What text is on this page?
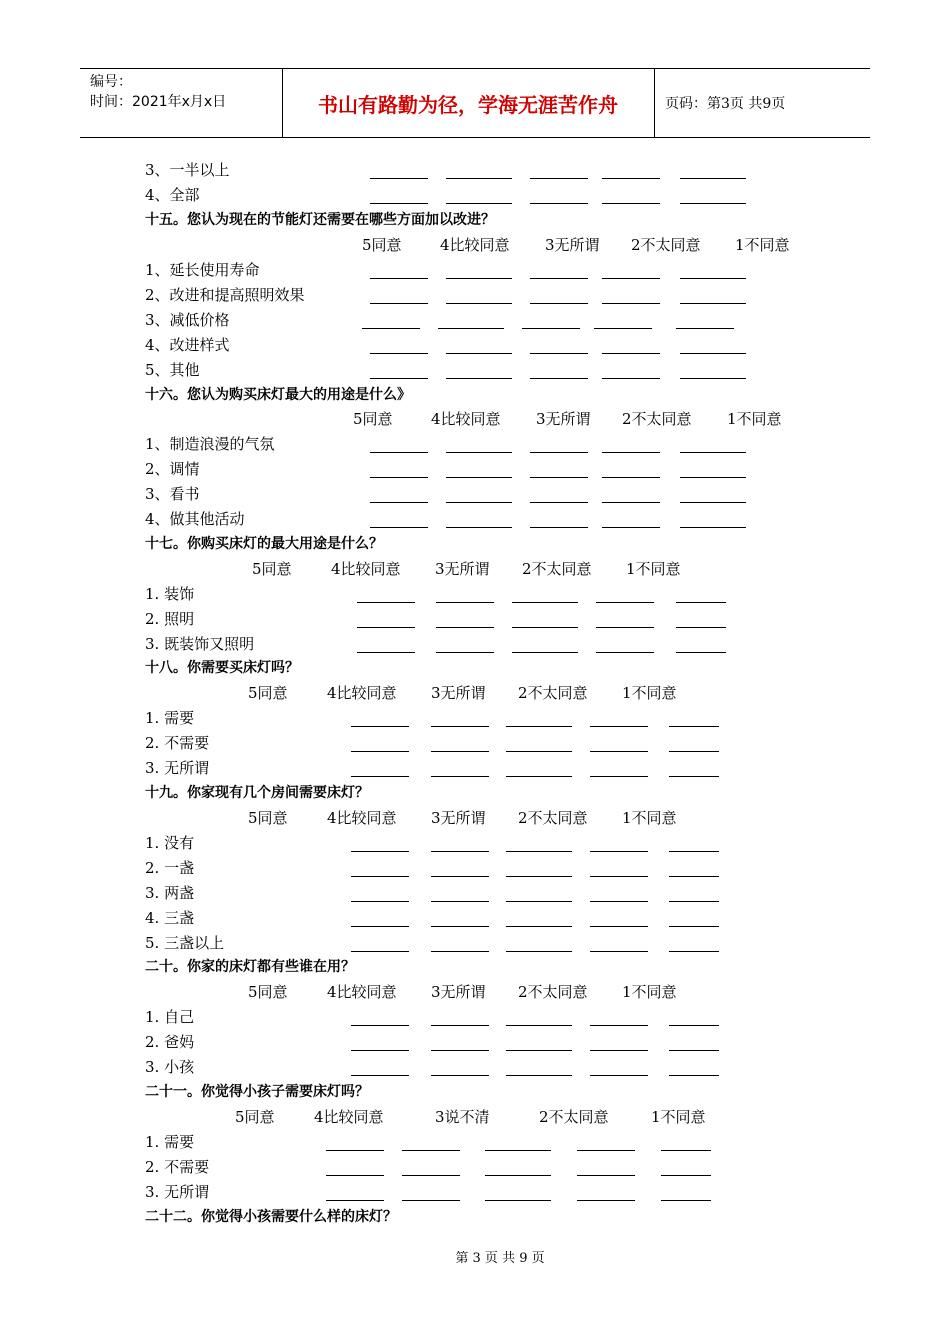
编号：
时间：2021年x月x日	书山有路勤为径，学海无涯苦作舟	页码：第3页 共9页
3、一半以上
4、全部
十五。您认为现在的节能灯还需要在哪些方面加以改进？
5同意	4比较同意 3无所谓 2不太同意 1不同意
1、延长使用寿命
2、改进和提高照明效果
3、减低价格
4、改进样式
5、其他
十六。您认为购买床灯最大的用途是什么》
5同意	4比较同意 3无所谓 2不太同意 1不同意
1、制造浪漫的气氛
2、调情
3、看书
4、做其他活动
十七。你购买床灯的最大用途是什么？
5同意	4比较同意 3无所谓 2不太同意 1不同意
1. 装饰
2. 照明
3. 既装饰又照明
十八。你需要买床灯吗？
5同意	4比较同意 3无所谓 2不太同意 1不同意
1. 需要
2. 不需要
3. 无所谓
十九。你家现有几个房间需要床灯？
5同意	4比较同意 3无所谓 2不太同意 1不同意
1. 没有
2. 一盏
3. 两盏
4. 三盏
5. 三盏以上
二十。你家的床灯都有些谁在用？
5同意	4比较同意 3无所谓 2不太同意 1不同意
1. 自己
2. 爸妈
3. 小孩
二十一。你觉得小孩子需要床灯吗？
5同意	4比较同意	3说不清	2不太同意	1不同意
1. 需要
2. 不需要
3. 无所谓
二十二。你觉得小孩需要什么样的床灯？
第 3 页 共 9 页
